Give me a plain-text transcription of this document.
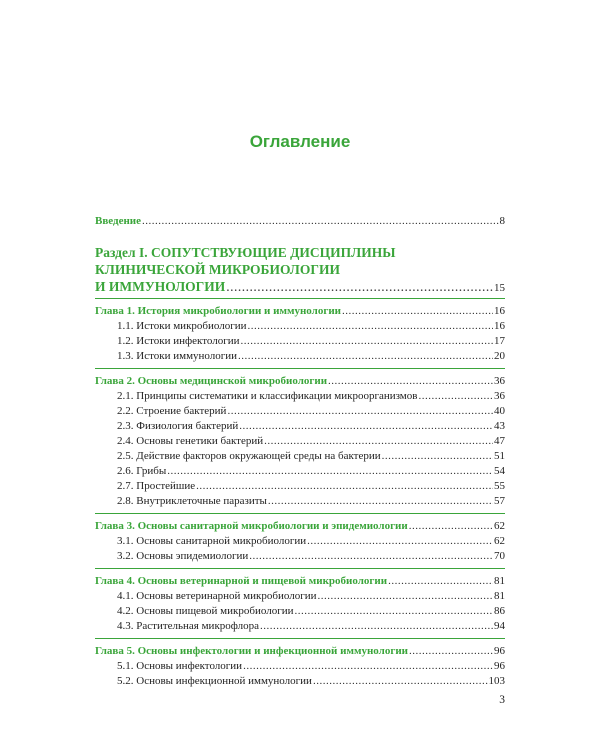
Оглавление
Введение .....	8
Раздел I. СОПУТСТВУЮЩИЕ ДИСЦИПЛИНЫ
КЛИНИЧЕСКОЙ МИКРОБИОЛОГИИ
И ИММУНОЛОГИИ .....	15
Глава 1. История микробиологии и иммунологии .....	16
1.1. Истоки микробиологии .....	16
1.2. Истоки инфектологии .....	17
1.3. Истоки иммунологии .....	20
Глава 2. Основы медицинской микробиологии .....	36
2.1. Принципы систематики и классификации микроорганизмов .....	36
2.2. Строение бактерий .....	40
2.3. Физиология бактерий .....	43
2.4. Основы генетики бактерий .....	47
2.5. Действие факторов окружающей среды на бактерии .....	51
2.6. Грибы .....	54
2.7. Простейшие .....	55
2.8. Внутриклеточные паразиты .....	57
Глава 3. Основы санитарной микробиологии и эпидемиологии .....	62
3.1. Основы санитарной микробиологии .....	62
3.2. Основы эпидемиологии .....	70
Глава 4. Основы ветеринарной и пищевой микробиологии .....	81
4.1. Основы ветеринарной микробиологии .....	81
4.2. Основы пищевой микробиологии .....	86
4.3. Растительная микрофлора .....	94
Глава 5. Основы инфектологии и инфекционной иммунологии .....	96
5.1. Основы инфектологии .....	96
5.2. Основы инфекционной иммунологии .....	103
3
